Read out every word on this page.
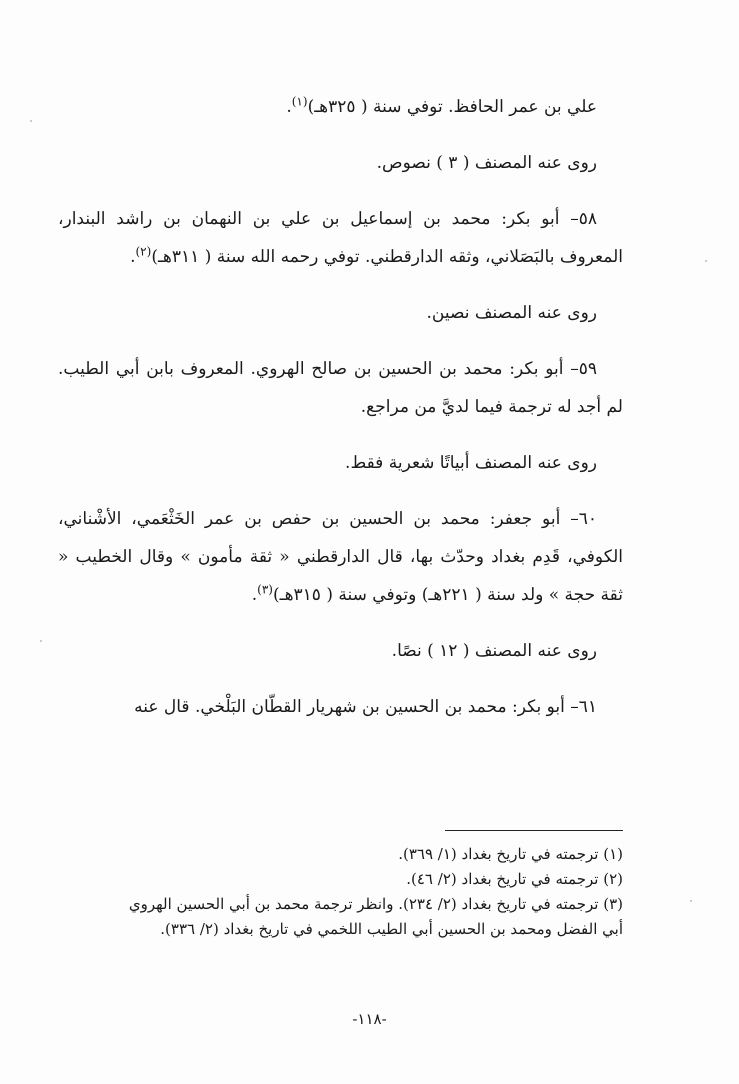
علي بن عمر الحافظ. توفي سنة ( ٣٢٥هـ)$^{(١)}$.

روى عنه المصنف ( ٣ ) نصوص.

٥٨– أبو بكر: محمد بن إسماعيل بن علي بن النهمان بن راشد البندار، المعروف بالبَصَلاني، وثقه الدارقطني. توفي رحمه الله سنة ( ٣١١هـ)$^{(٢)}$.

روى عنه المصنف نصين.

٥٩– أبو بكر: محمد بن الحسين بن صالح الهروي. المعروف بابن أبي الطيب. لم أجد له ترجمة فيما لديَّ من مراجع.

روى عنه المصنف أبياتًا شعرية فقط.

٦٠– أبو جعفر: محمد بن الحسين بن حفص بن عمر الخَثْعَمي، الأشْناني، الكوفي، قَدِم بغداد وحدّث بها، قال الدارقطني « ثقة مأمون » وقال الخطيب « ثقة حجة » ولد سنة ( ٢٢١هـ) وتوفي سنة ( ٣١٥هـ)$^{(٣)}$.

روى عنه المصنف ( ١٢ ) نصًا.

٦١– أبو بكر: محمد بن الحسين بن شهريار القطّان البَلْخي. قال عنه

(١) ترجمته في تاريخ بغداد (١/ ٣٦٩).

(٢) ترجمته في تاريخ بغداد (٢/ ٤٦).

(٣) ترجمته في تاريخ بغداد (٢/ ٢٣٤). وانظر ترجمة محمد بن أبي الحسين الهروي أبي الفضل ومحمد بن الحسين أبي الطيب اللخمي في تاريخ بغداد (٢/ ٣٣٦).

-١١٨-
